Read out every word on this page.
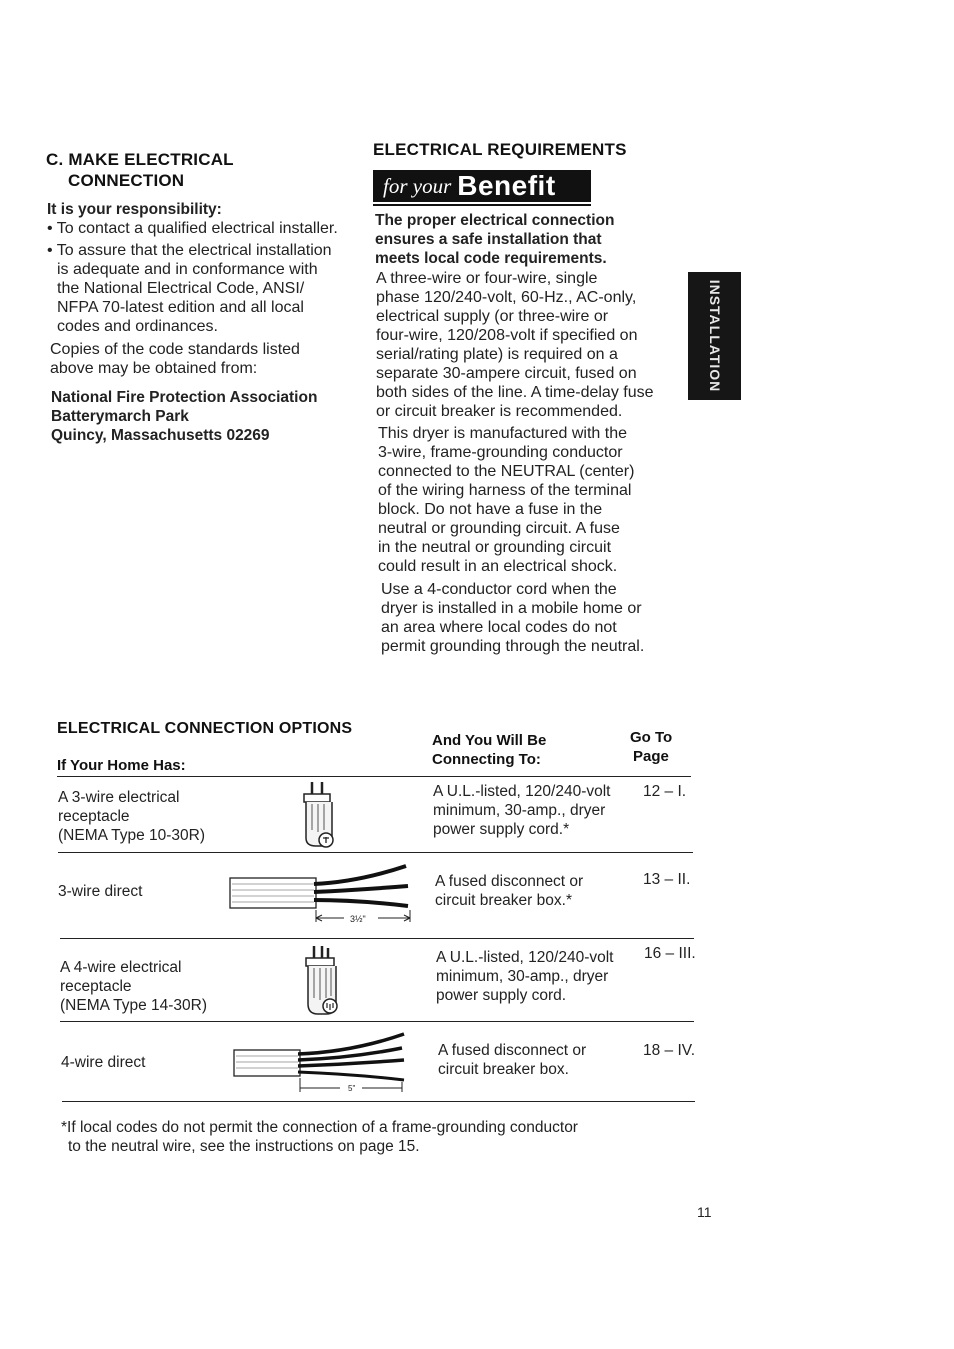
C. MAKE ELECTRICAL
CONNECTION
It is your responsibility:
• To contact a qualified electrical installer.
• To assure that the electrical installation
is adequate and in conformance with
the National Electrical Code, ANSI/
NFPA 70-latest edition and all local
codes and ordinances.
Copies of the code standards listed
above may be obtained from:
National Fire Protection Association
Batterymarch Park
Quincy, Massachusetts 02269
ELECTRICAL REQUIREMENTS
for your Benefit
The proper electrical connection
ensures a safe installation that
meets local code requirements.
A three-wire or four-wire, single
phase 120/240-volt, 60-Hz., AC-only,
electrical supply (or three-wire or
four-wire, 120/208-volt if specified on
serial/rating plate) is required on a
separate 30-ampere circuit, fused on
both sides of the line. A time-delay fuse
or circuit breaker is recommended.
This dryer is manufactured with the
3-wire, frame-grounding conductor
connected to the NEUTRAL (center)
of the wiring harness of the terminal
block. Do not have a fuse in the
neutral or grounding circuit. A fuse
in the neutral or grounding circuit
could result in an electrical shock.
Use a 4-conductor cord when the
dryer is installed in a mobile home or
an area where local codes do not
permit grounding through the neutral.
INSTALLATION
ELECTRICAL CONNECTION OPTIONS
If Your Home Has:
And You Will Be
Connecting To:
Go To
Page
A 3-wire electrical
receptacle
(NEMA Type 10-30R)
A U.L.-listed, 120/240-volt
minimum, 30-amp., dryer
power supply cord.*
12 – I.
3-wire direct
3½"
A fused disconnect or
circuit breaker box.*
13 – II.
A 4-wire electrical
receptacle
(NEMA Type 14-30R)
A U.L.-listed, 120/240-volt
minimum, 30-amp., dryer
power supply cord.
16 – III.
4-wire direct
5"
A fused disconnect or
circuit breaker box.
18 – IV.
*If local codes do not permit the connection of a frame-grounding conductor
to the neutral wire, see the instructions on page 15.
11
